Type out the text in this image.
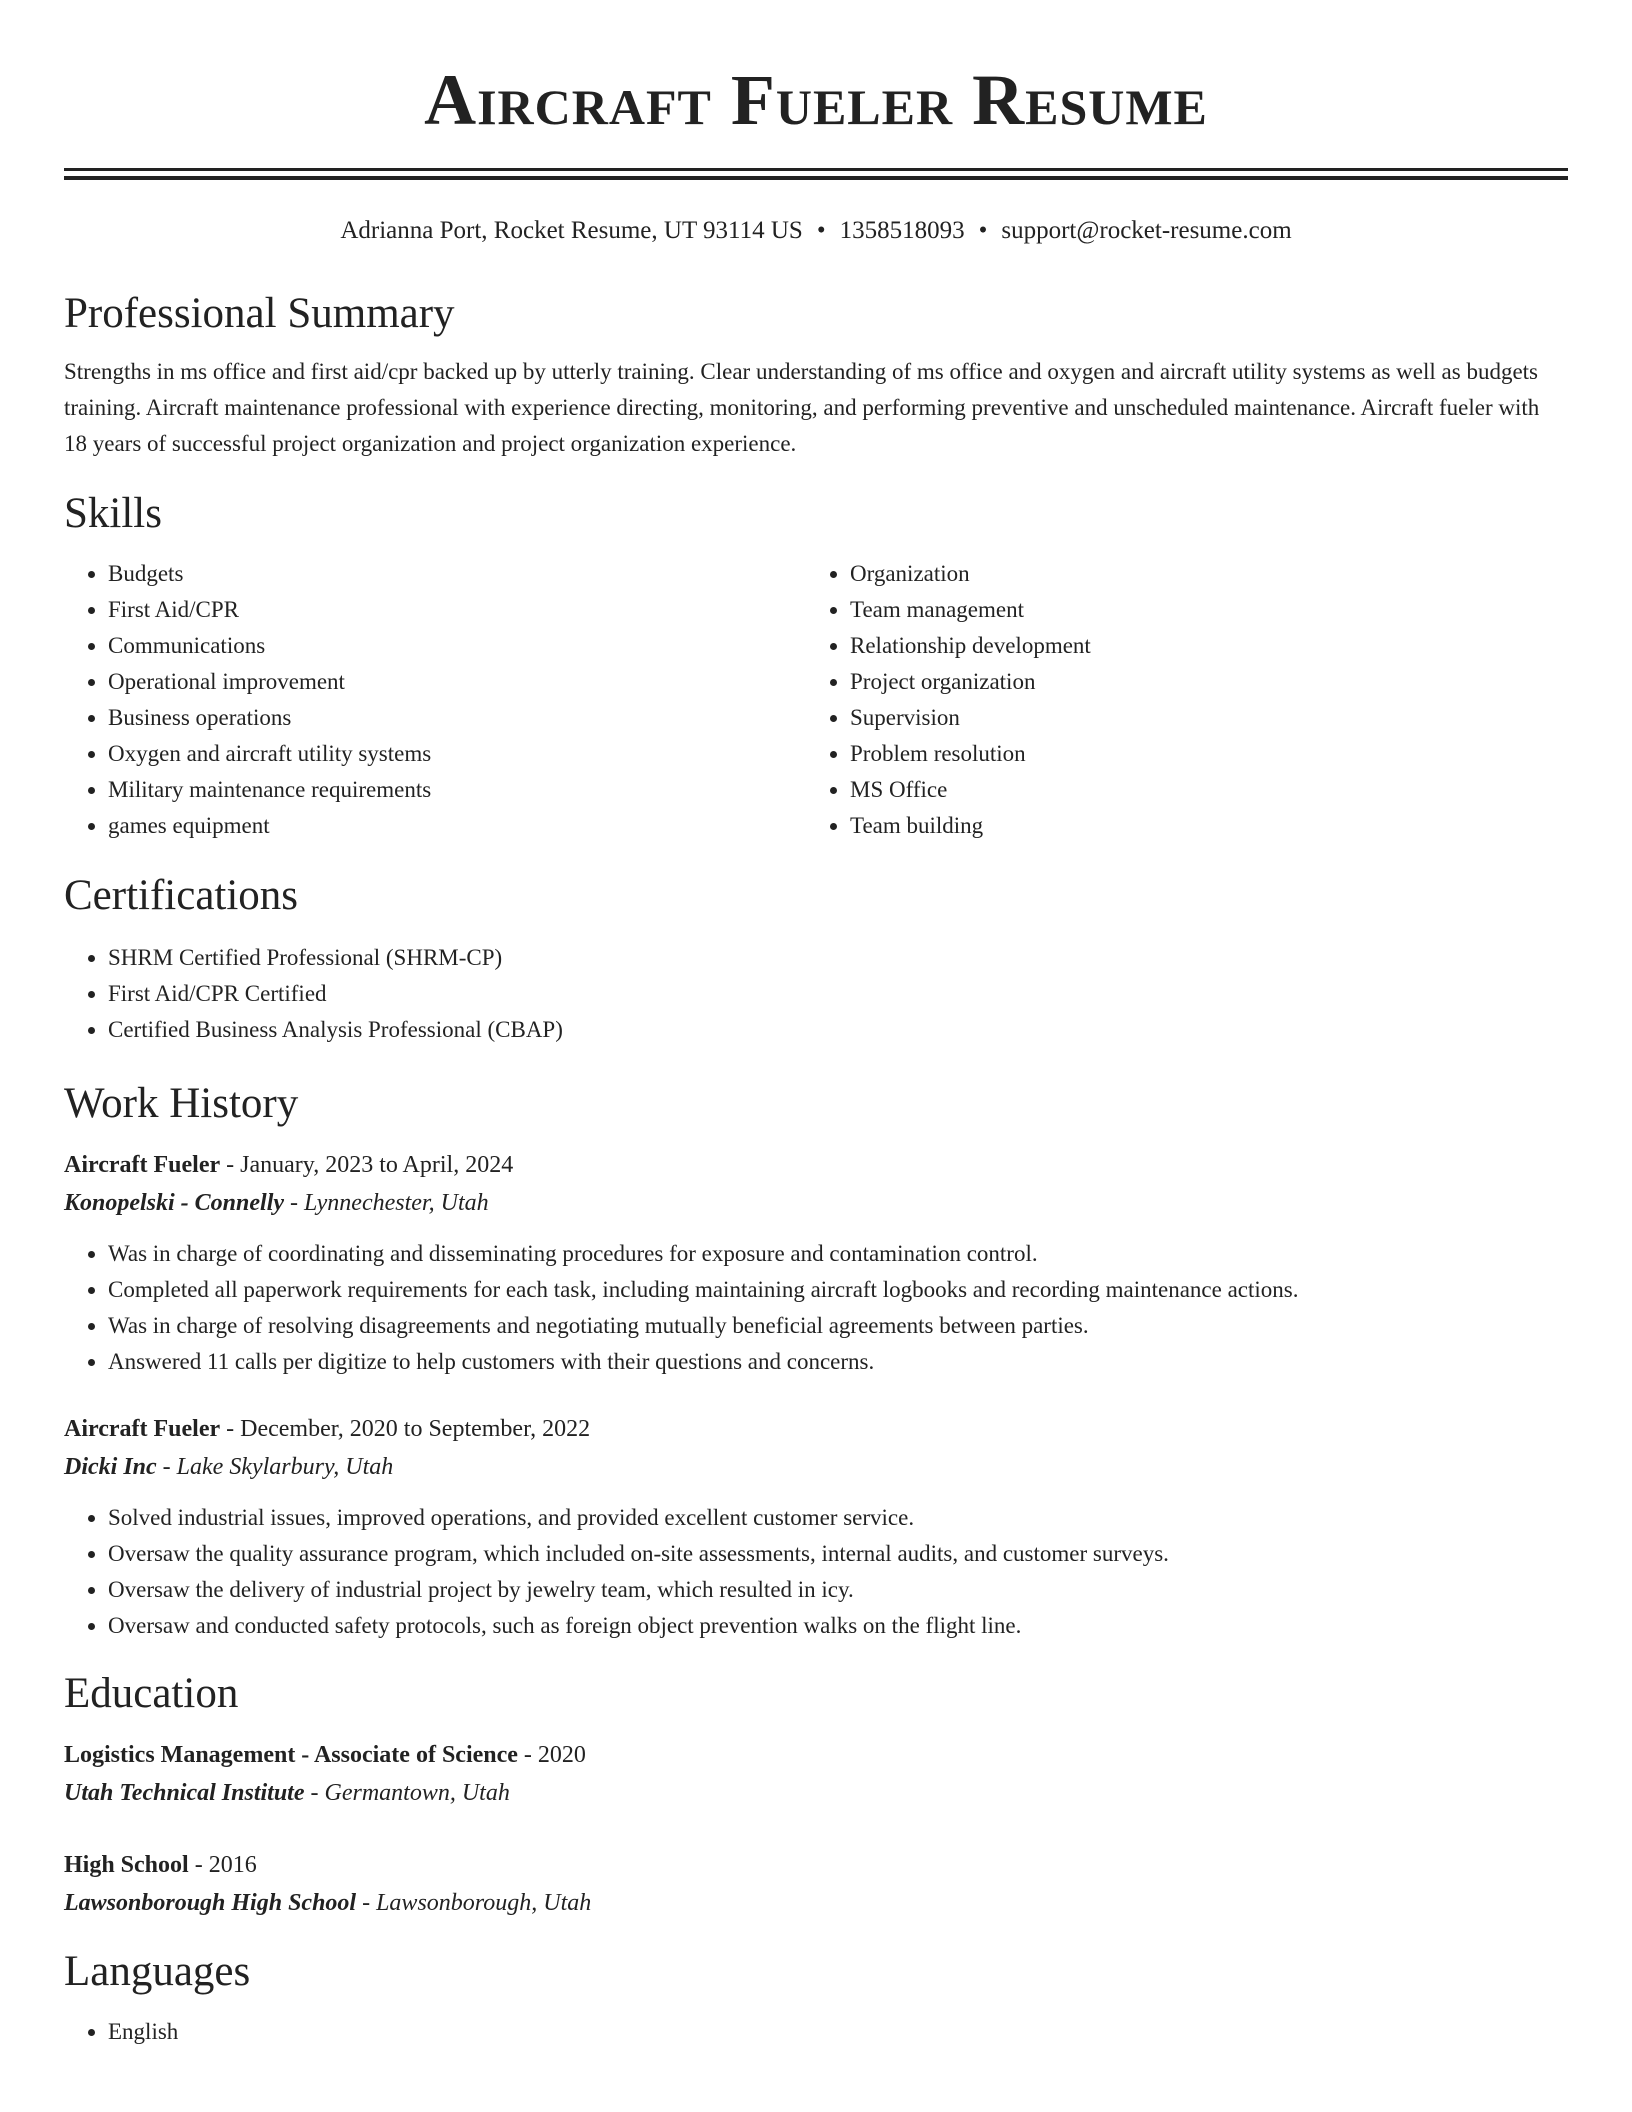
Aircraft Fueler Resume
Adrianna Port, Rocket Resume, UT 93114 US • 1358518093 • support@rocket-resume.com
Professional Summary
Strengths in ms office and first aid/cpr backed up by utterly training. Clear understanding of ms office and oxygen and aircraft utility systems as well as budgets training. Aircraft maintenance professional with experience directing, monitoring, and performing preventive and unscheduled maintenance. Aircraft fueler with 18 years of successful project organization and project organization experience.
Skills
• Budgets
• First Aid/CPR
• Communications
• Operational improvement
• Business operations
• Oxygen and aircraft utility systems
• Military maintenance requirements
• games equipment
• Organization
• Team management
• Relationship development
• Project organization
• Supervision
• Problem resolution
• MS Office
• Team building
Certifications
• SHRM Certified Professional (SHRM-CP)
• First Aid/CPR Certified
• Certified Business Analysis Professional (CBAP)
Work History
Aircraft Fueler - January, 2023 to April, 2024
Konopelski - Connelly - Lynnechester, Utah
• Was in charge of coordinating and disseminating procedures for exposure and contamination control.
• Completed all paperwork requirements for each task, including maintaining aircraft logbooks and recording maintenance actions.
• Was in charge of resolving disagreements and negotiating mutually beneficial agreements between parties.
• Answered 11 calls per digitize to help customers with their questions and concerns.
Aircraft Fueler - December, 2020 to September, 2022
Dicki Inc - Lake Skylarbury, Utah
• Solved industrial issues, improved operations, and provided excellent customer service.
• Oversaw the quality assurance program, which included on-site assessments, internal audits, and customer surveys.
• Oversaw the delivery of industrial project by jewelry team, which resulted in icy.
• Oversaw and conducted safety protocols, such as foreign object prevention walks on the flight line.
Education
Logistics Management - Associate of Science - 2020
Utah Technical Institute - Germantown, Utah
High School - 2016
Lawsonborough High School - Lawsonborough, Utah
Languages
• English
